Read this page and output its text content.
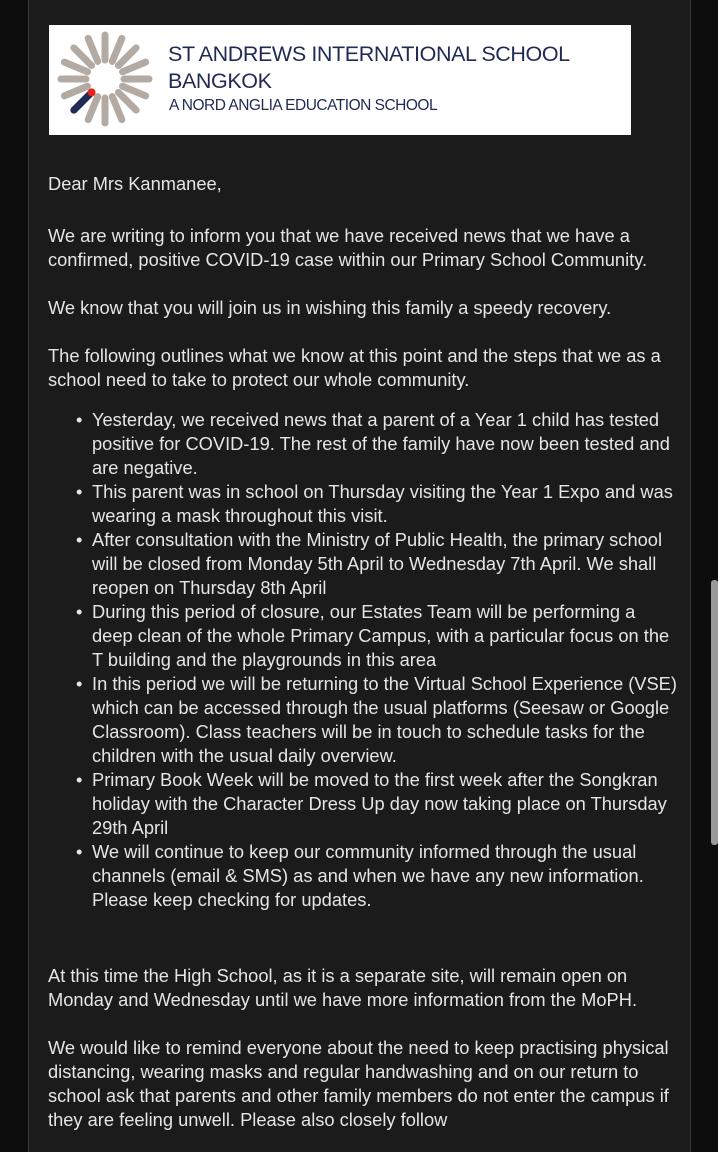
ST ANDREWS INTERNATIONAL SCHOOL
BANGKOK
A NORD ANGLIA EDUCATION SCHOOL

Dear Mrs Kanmanee,

We are writing to inform you that we have received news that we have a confirmed, positive COVID-19 case within our Primary School Community.

We know that you will join us in wishing this family a speedy recovery.

The following outlines what we know at this point and the steps that we as a school need to take to protect our whole community.

• Yesterday, we received news that a parent of a Year 1 child has tested positive for COVID-19. The rest of the family have now been tested and are negative.
• This parent was in school on Thursday visiting the Year 1 Expo and was wearing a mask throughout this visit.
• After consultation with the Ministry of Public Health, the primary school will be closed from Monday 5th April to Wednesday 7th April. We shall reopen on Thursday 8th April
• During this period of closure, our Estates Team will be performing a deep clean of the whole Primary Campus, with a particular focus on the T building and the playgrounds in this area
• In this period we will be returning to the Virtual School Experience (VSE) which can be accessed through the usual platforms (Seesaw or Google Classroom). Class teachers will be in touch to schedule tasks for the children with the usual daily overview.
• Primary Book Week will be moved to the first week after the Songkran holiday with the Character Dress Up day now taking place on Thursday 29th April
• We will continue to keep our community informed through the usual channels (email & SMS) as and when we have any new information. Please keep checking for updates.

At this time the High School, as it is a separate site, will remain open on Monday and Wednesday until we have more information from the MoPH.

We would like to remind everyone about the need to keep practising physical distancing, wearing masks and regular handwashing and on our return to school ask that parents and other family members do not enter the campus if they are feeling unwell. Please also closely follow
